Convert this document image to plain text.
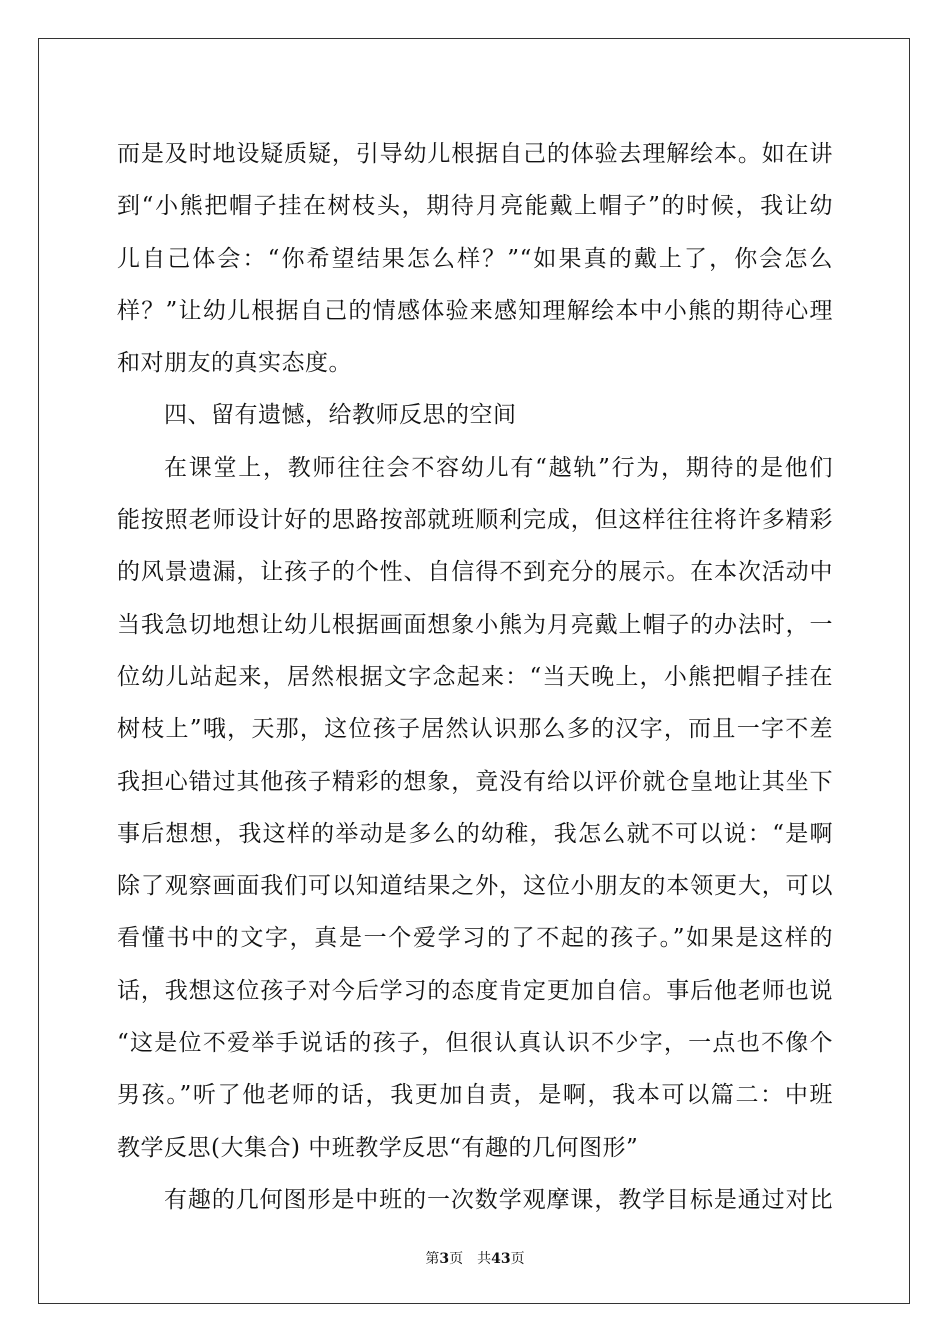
而是及时地设疑质疑，引导幼儿根据自己的体验去理解绘本。如在讲
到“小熊把帽子挂在树枝头，期待月亮能戴上帽子”的时候，我让幼
儿自己体会：“你希望结果怎么样？”“如果真的戴上了，你会怎么
样？”让幼儿根据自己的情感体验来感知理解绘本中小熊的期待心理
和对朋友的真实态度。
四、留有遗憾，给教师反思的空间
在课堂上，教师往往会不容幼儿有“越轨”行为，期待的是他们
能按照老师设计好的思路按部就班顺利完成，但这样往往将许多精彩
的风景遗漏，让孩子的个性、自信得不到充分的展示。在本次活动中
当我急切地想让幼儿根据画面想象小熊为月亮戴上帽子的办法时，一
位幼儿站起来，居然根据文字念起来：“当天晚上，小熊把帽子挂在
树枝上”哦，天那，这位孩子居然认识那么多的汉字，而且一字不差
我担心错过其他孩子精彩的想象，竟没有给以评价就仓皇地让其坐下
事后想想，我这样的举动是多么的幼稚，我怎么就不可以说：“是啊
除了观察画面我们可以知道结果之外，这位小朋友的本领更大，可以
看懂书中的文字，真是一个爱学习的了不起的孩子。”如果是这样的
话，我想这位孩子对今后学习的态度肯定更加自信。事后他老师也说
“这是位不爱举手说话的孩子，但很认真认识不少字，一点也不像个
男孩。”听了他老师的话，我更加自责，是啊，我本可以篇二：中班
教学反思(大集合) 中班教学反思“有趣的几何图形”
有趣的几何图形是中班的一次数学观摩课，教学目标是通过对比
第3页 共43页
